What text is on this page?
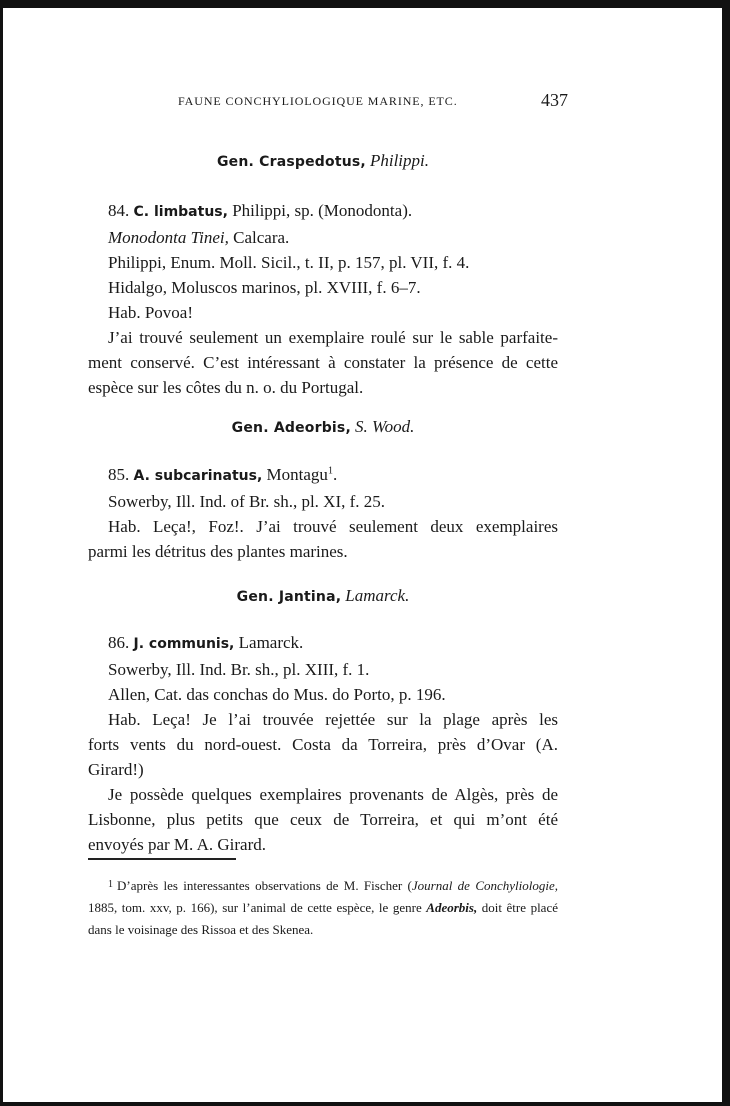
FAUNE CONCHYLIOLOGIQUE MARINE, ETC.	437
Gen. Craspedotus, Philippi.

84. C. limbatus, Philippi, sp. (Monodonta).

Monodonta Tinei, Calcara.

Philippi, Enum. Moll. Sicil., t. II, p. 157, pl. VII, f. 4.

Hidalgo, Moluscos marinos, pl. XVIII, f. 6–7.

Hab. Povoa!

J’ai trouvé seulement un exemplaire roulé sur le sable parfaite-

ment conservé. C’est intéressant à constater la présence de cette

espèce sur les côtes du n. o. du Portugal.

Gen. Adeorbis, S. Wood.

85. A. subcarinatus, Montagu$^1$.

Sowerby, Ill. Ind. of Br. sh., pl. XI, f. 25.

Hab. Leça!, Foz!. J’ai trouvé seulement deux exemplaires

parmi les détritus des plantes marines.

Gen. Jantina, Lamarck.

86. J. communis, Lamarck.

Sowerby, Ill. Ind. Br. sh., pl. XIII, f. 1.

Allen, Cat. das conchas do Mus. do Porto, p. 196.

Hab. Leça! Je l’ai trouvée rejettée sur la plage après les

forts vents du nord-ouest. Costa da Torreira, près d’Ovar (A.

Girard!)

Je possède quelques exemplaires provenants de Algès, près de

Lisbonne, plus petits que ceux de Torreira, et qui m’ont été

envoyés par M. A. Girard.

$^1$ D’après les interessantes observations de M. Fischer (Journal de Conchyliologie, 1885, tom. xxv, p. 166), sur l’animal de cette espèce, le genre Adeorbis, doit être placé dans le voisinage des Rissoa et des Skenea.
